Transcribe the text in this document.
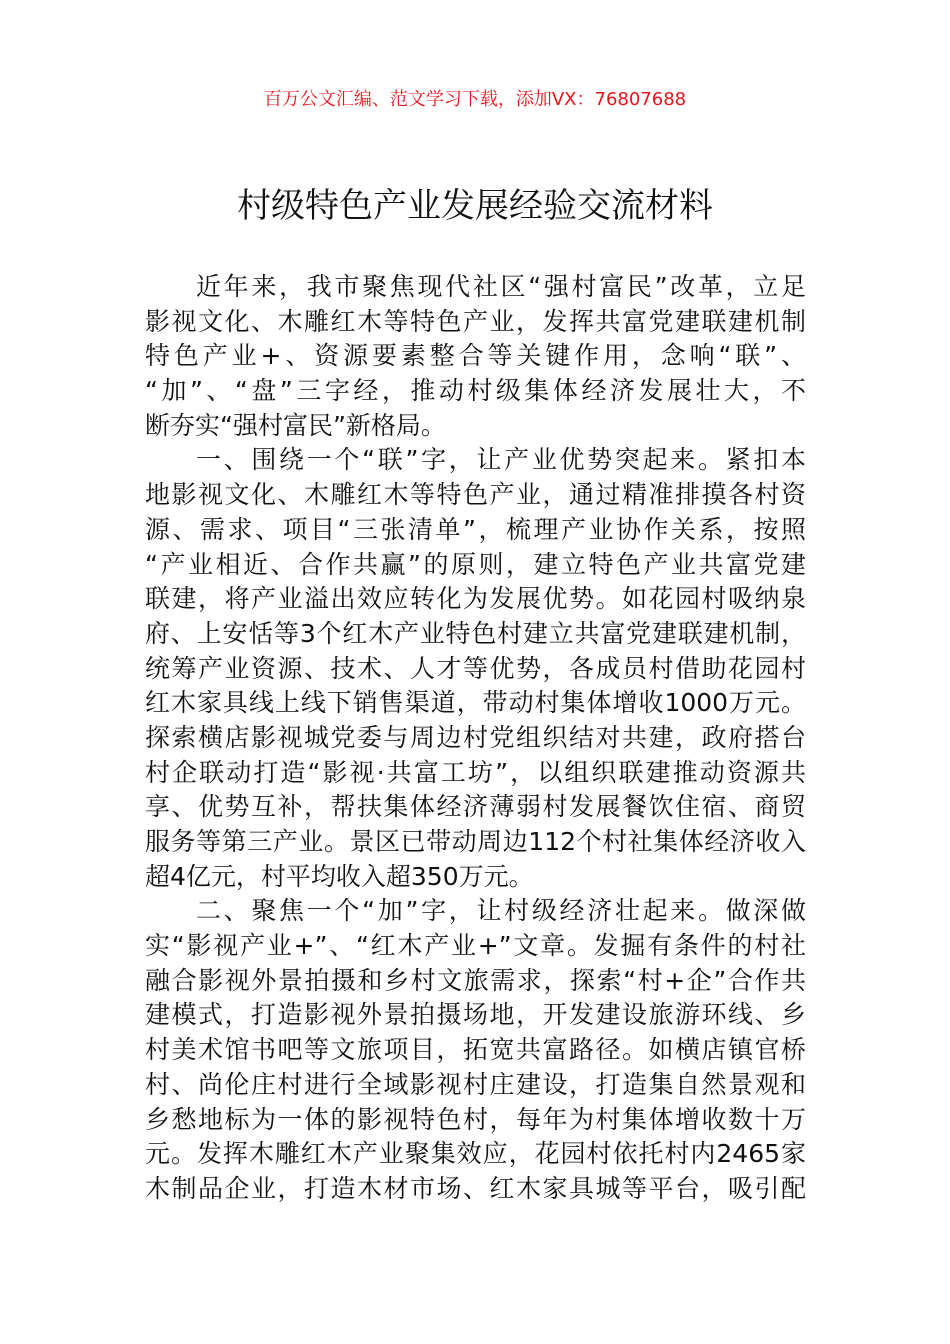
百万公文汇编、范文学习下载，添加VX：76807688
村级特色产业发展经验交流材料
近年来，我市聚焦现代社区“强村富民”改革，立足
影视文化、木雕红木等特色产业，发挥共富党建联建机制
特色产业+、资源要素整合等关键作用，念响“联”、
“加”、“盘”三字经，推动村级集体经济发展壮大，不
断夯实“强村富民”新格局。
一、围绕一个“联”字，让产业优势突起来。紧扣本
地影视文化、木雕红木等特色产业，通过精准排摸各村资
源、需求、项目“三张清单”，梳理产业协作关系，按照
“产业相近、合作共赢”的原则，建立特色产业共富党建
联建，将产业溢出效应转化为发展优势。如花园村吸纳泉
府、上安恬等3个红木产业特色村建立共富党建联建机制，
统筹产业资源、技术、人才等优势，各成员村借助花园村
红木家具线上线下销售渠道，带动村集体增收1000万元。
探索横店影视城党委与周边村党组织结对共建，政府搭台
村企联动打造“影视·共富工坊”，以组织联建推动资源共
享、优势互补，帮扶集体经济薄弱村发展餐饮住宿、商贸
服务等第三产业。景区已带动周边112个村社集体经济收入
超4亿元，村平均收入超350万元。
二、聚焦一个“加”字，让村级经济壮起来。做深做
实“影视产业+”、“红木产业+”文章。发掘有条件的村社
融合影视外景拍摄和乡村文旅需求，探索“村+企”合作共
建模式，打造影视外景拍摄场地，开发建设旅游环线、乡
村美术馆书吧等文旅项目，拓宽共富路径。如横店镇官桥
村、尚伦庄村进行全域影视村庄建设，打造集自然景观和
乡愁地标为一体的影视特色村，每年为村集体增收数十万
元。发挥木雕红木产业聚集效应，花园村依托村内2465家
木制品企业，打造木材市场、红木家具城等平台，吸引配
